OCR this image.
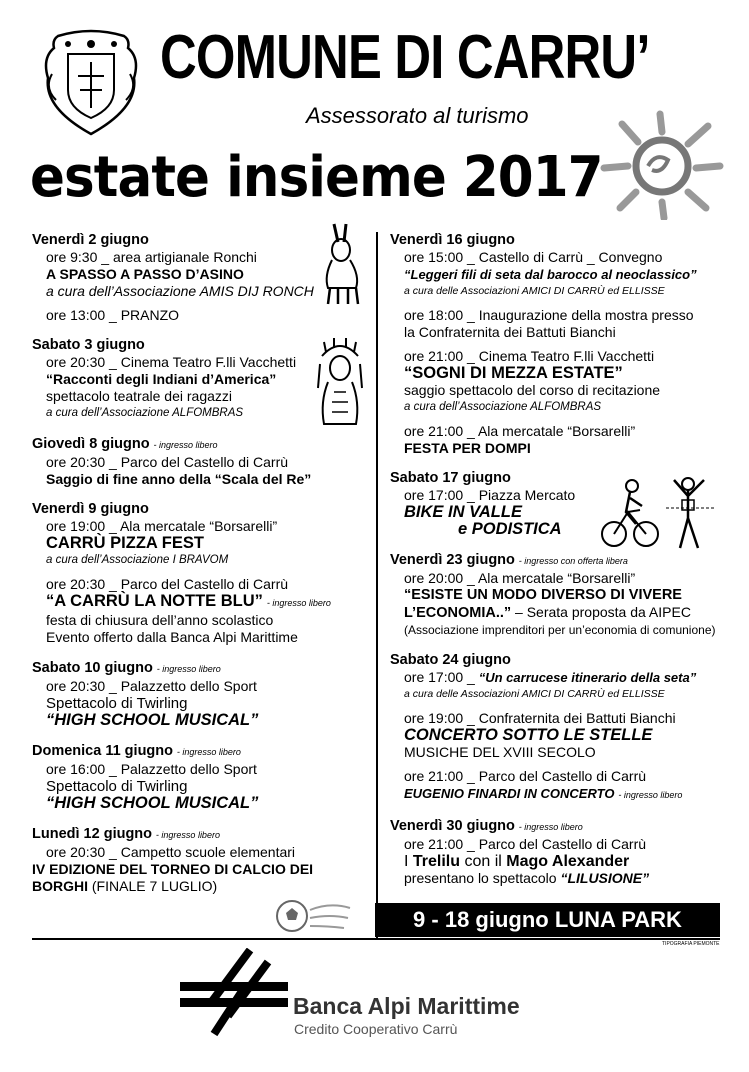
COMUNE DI CARRU’
Assessorato al turismo
estate insieme 2017
Venerdì 2 giugno
ore 9:30 _ area artigianale Ronchi
A SPASSO A PASSO D’ASINO
a cura dell’Associazione AMIS DIJ RONCH
ore 13:00 _ PRANZO
Sabato 3 giugno
ore 20:30 _ Cinema Teatro F.lli Vacchetti
“Racconti degli Indiani d’America”
spettacolo teatrale dei ragazzi
a cura dell’Associazione ALFOMBRAS
Giovedì 8 giugno - ingresso libero
ore 20:30 _ Parco del Castello di Carrù
Saggio di fine anno della “Scala del Re”
Venerdì 9 giugno
ore 19:00 _ Ala mercatale “Borsarelli”
CARRÙ PIZZA FEST
a cura dell’Associazione I BRAVOM
ore 20:30 _ Parco del Castello di Carrù
“A CARRÙ LA NOTTE BLU” - ingresso libero
festa di chiusura dell’anno scolastico
Evento offerto dalla Banca Alpi Marittime
Sabato 10 giugno - ingresso libero
ore 20:30 _ Palazzetto dello Sport
Spettacolo di Twirling
“HIGH SCHOOL MUSICAL”
Domenica 11 giugno - ingresso libero
ore 16:00 _ Palazzetto dello Sport
Spettacolo di Twirling
“HIGH SCHOOL MUSICAL”
Lunedì 12 giugno - ingresso libero
ore 20:30 _ Campetto scuole elementari
IV EDIZIONE DEL TORNEO DI CALCIO DEI
BORGHI (FINALE 7 LUGLIO)
Venerdì 16 giugno
ore 15:00 _ Castello di Carrù _ Convegno
“Leggeri fili di seta dal barocco al neoclassico”
a cura delle Associazioni AMICI DI CARRÙ ed ELLISSE
ore 18:00 _ Inaugurazione della mostra presso
la Confraternita dei Battuti Bianchi
ore 21:00 _ Cinema Teatro F.lli Vacchetti
“SOGNI DI MEZZA ESTATE”
saggio spettacolo del corso di recitazione
a cura dell’Associazione ALFOMBRAS
ore 21:00 _ Ala mercatale “Borsarelli”
FESTA PER DOMPI
Sabato 17 giugno
ore 17:00 _ Piazza Mercato
BIKE IN VALLE
e PODISTICA
Venerdì 23 giugno - ingresso con offerta libera
ore 20:00 _ Ala mercatale “Borsarelli”
“ESISTE UN MODO DIVERSO DI VIVERE
L’ECONOMIA..” – Serata proposta da AIPEC
(Associazione imprenditori per un’economia di comunione)
Sabato 24 giugno
ore 17:00 _ “Un carrucese itinerario della seta”
a cura delle Associazioni AMICI DI CARRÙ ed ELLISSE
ore 19:00 _ Confraternita dei Battuti Bianchi
CONCERTO SOTTO LE STELLE
MUSICHE DEL XVIII SECOLO
ore 21:00 _ Parco del Castello di Carrù
EUGENIO FINARDI IN CONCERTO - ingresso libero
Venerdì 30 giugno - ingresso libero
ore 21:00 _ Parco del Castello di Carrù
I Trelilu con il Mago Alexander
presentano lo spettacolo “LILUSIONE”
9 - 18 giugno LUNA PARK
TIPOGRAFIA PIEMONTE
Banca Alpi Marittime
Credito Cooperativo Carrù
